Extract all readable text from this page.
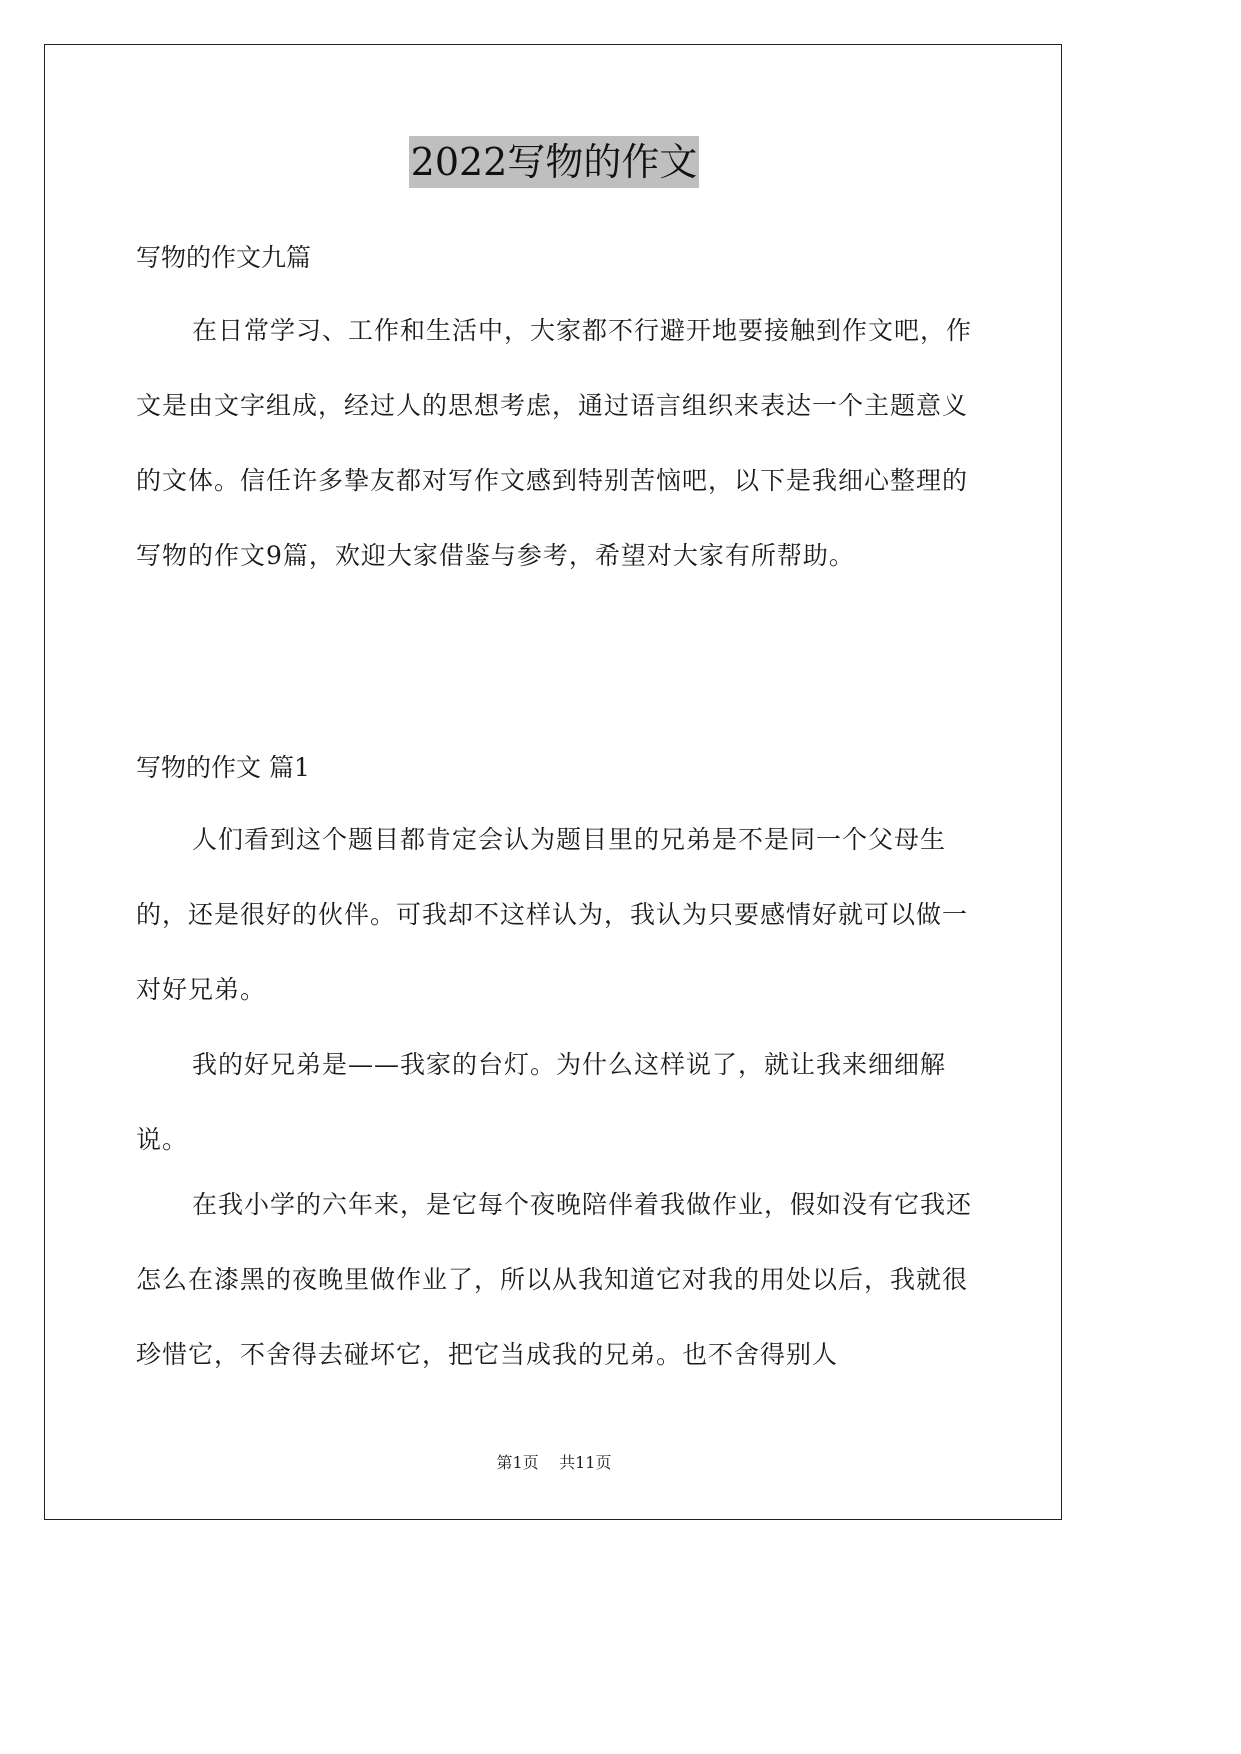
2022写物的作文
写物的作文九篇

在日常学习、工作和生活中，大家都不行避开地要接触到作文吧，作文是由文字组成，经过人的思想考虑，通过语言组织来表达一个主题意义的文体。信任许多挚友都对写作文感到特别苦恼吧，以下是我细心整理的写物的作文9篇，欢迎大家借鉴与参考，希望对大家有所帮助。

写物的作文 篇1

人们看到这个题目都肯定会认为题目里的兄弟是不是同一个父母生的，还是很好的伙伴。可我却不这样认为，我认为只要感情好就可以做一对好兄弟。

我的好兄弟是——我家的台灯。为什么这样说了，就让我来细细解说。

在我小学的六年来，是它每个夜晚陪伴着我做作业，假如没有它我还怎么在漆黑的夜晚里做作业了，所以从我知道它对我的用处以后，我就很珍惜它，不舍得去碰坏它，把它当成我的兄弟。也不舍得别人

第1页 共11页
